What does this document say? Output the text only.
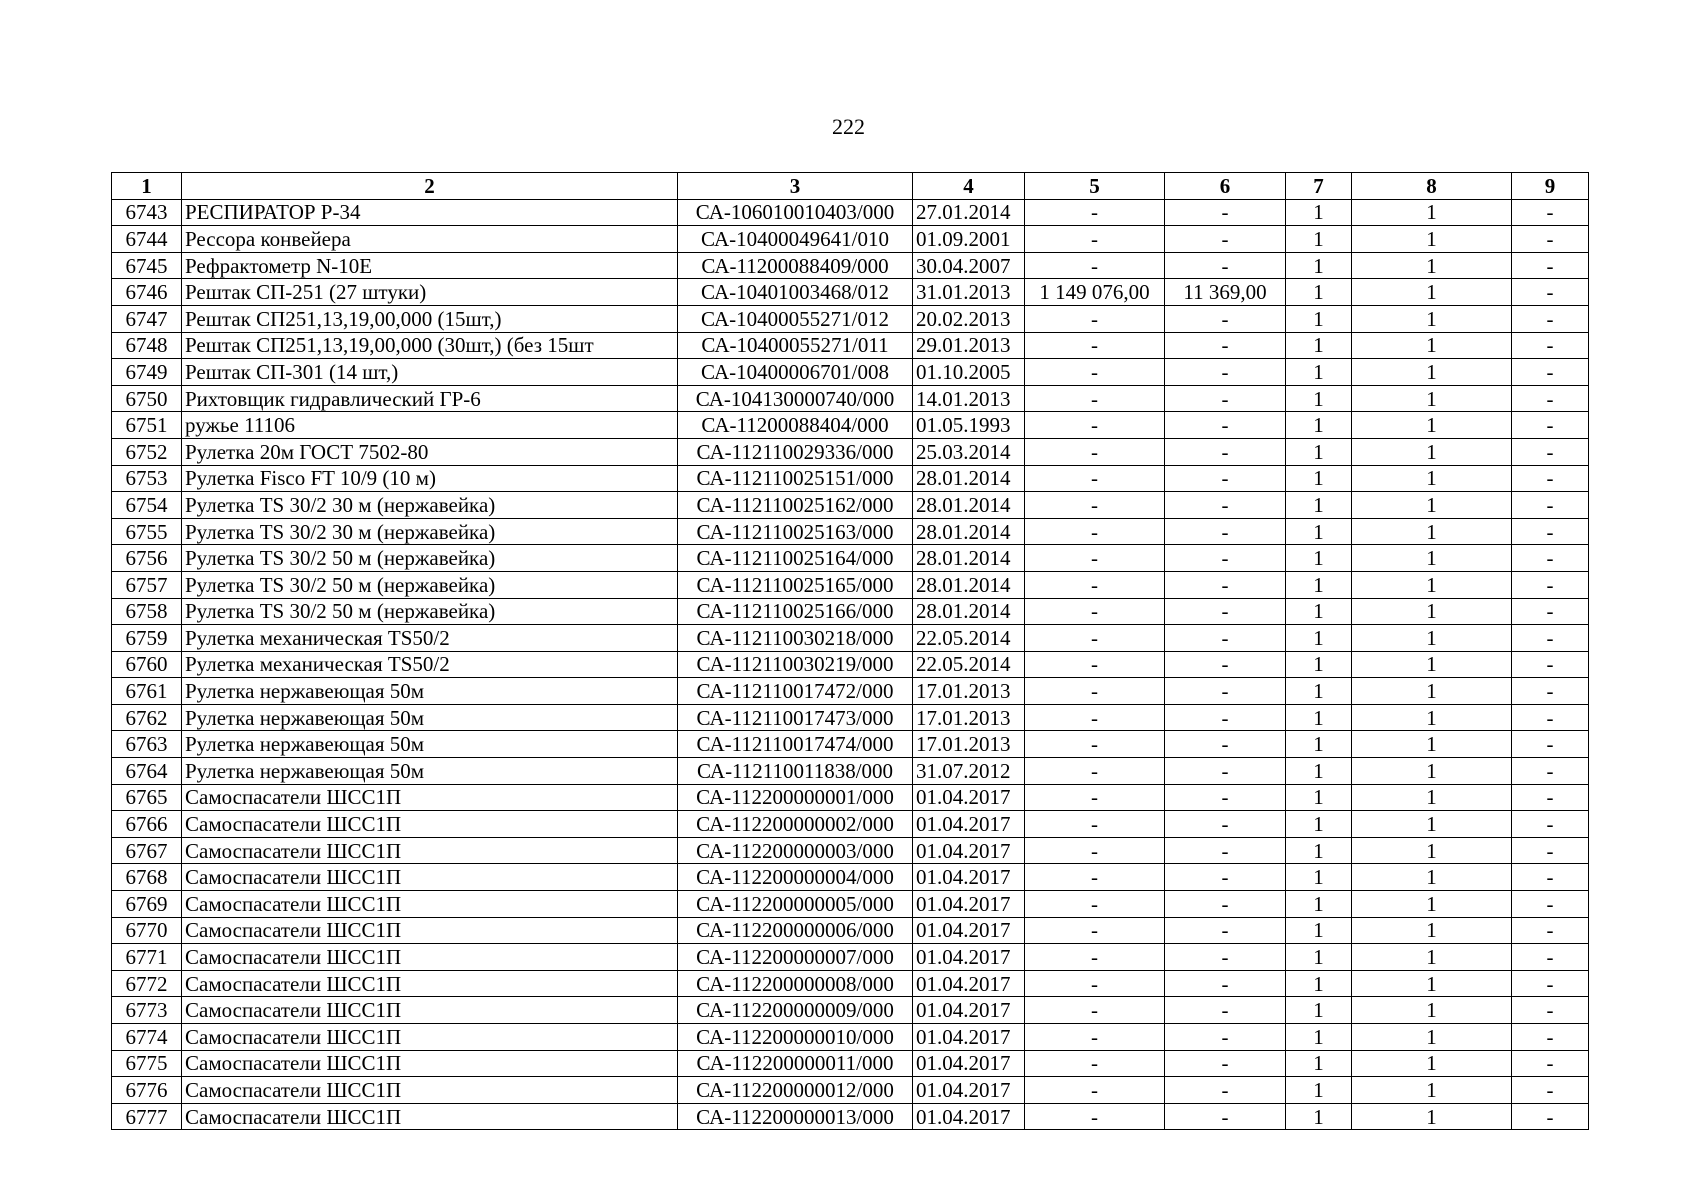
222
1	2	3	4	5	6	7	8	9
6743	РЕСПИРАТОР Р-34	СА-106010010403/000	27.01.2014	-	-	1	1	-
6744	Рессора конвейера	СА-10400049641/010	01.09.2001	-	-	1	1	-
6745	Рефрактометр N-10E	СА-11200088409/000	30.04.2007	-	-	1	1	-
6746	Рештак СП-251 (27 штуки)	СА-10401003468/012	31.01.2013	1 149 076,00	11 369,00	1	1	-
6747	Рештак СП251,13,19,00,000 (15шт,)	СА-10400055271/012	20.02.2013	-	-	1	1	-
6748	Рештак СП251,13,19,00,000 (30шт,) (без 15шт	СА-10400055271/011	29.01.2013	-	-	1	1	-
6749	Рештак СП-301 (14 шт,)	СА-10400006701/008	01.10.2005	-	-	1	1	-
6750	Рихтовщик гидравлический ГР-6	СА-104130000740/000	14.01.2013	-	-	1	1	-
6751	ружье 11106	СА-11200088404/000	01.05.1993	-	-	1	1	-
6752	Рулетка 20м ГОСТ 7502-80	СА-112110029336/000	25.03.2014	-	-	1	1	-
6753	Рулетка Fisco FT 10/9 (10 м)	СА-112110025151/000	28.01.2014	-	-	1	1	-
6754	Рулетка TS 30/2 30 м (нержавейка)	СА-112110025162/000	28.01.2014	-	-	1	1	-
6755	Рулетка TS 30/2 30 м (нержавейка)	СА-112110025163/000	28.01.2014	-	-	1	1	-
6756	Рулетка TS 30/2 50 м (нержавейка)	СА-112110025164/000	28.01.2014	-	-	1	1	-
6757	Рулетка TS 30/2 50 м (нержавейка)	СА-112110025165/000	28.01.2014	-	-	1	1	-
6758	Рулетка TS 30/2 50 м (нержавейка)	СА-112110025166/000	28.01.2014	-	-	1	1	-
6759	Рулетка механическая TS50/2	СА-112110030218/000	22.05.2014	-	-	1	1	-
6760	Рулетка механическая TS50/2	СА-112110030219/000	22.05.2014	-	-	1	1	-
6761	Рулетка нержавеющая 50м	СА-112110017472/000	17.01.2013	-	-	1	1	-
6762	Рулетка нержавеющая 50м	СА-112110017473/000	17.01.2013	-	-	1	1	-
6763	Рулетка нержавеющая 50м	СА-112110017474/000	17.01.2013	-	-	1	1	-
6764	Рулетка нержавеющая 50м	СА-112110011838/000	31.07.2012	-	-	1	1	-
6765	Самоспасатели ШСС1П	СА-112200000001/000	01.04.2017	-	-	1	1	-
6766	Самоспасатели ШСС1П	СА-112200000002/000	01.04.2017	-	-	1	1	-
6767	Самоспасатели ШСС1П	СА-112200000003/000	01.04.2017	-	-	1	1	-
6768	Самоспасатели ШСС1П	СА-112200000004/000	01.04.2017	-	-	1	1	-
6769	Самоспасатели ШСС1П	СА-112200000005/000	01.04.2017	-	-	1	1	-
6770	Самоспасатели ШСС1П	СА-112200000006/000	01.04.2017	-	-	1	1	-
6771	Самоспасатели ШСС1П	СА-112200000007/000	01.04.2017	-	-	1	1	-
6772	Самоспасатели ШСС1П	СА-112200000008/000	01.04.2017	-	-	1	1	-
6773	Самоспасатели ШСС1П	СА-112200000009/000	01.04.2017	-	-	1	1	-
6774	Самоспасатели ШСС1П	СА-112200000010/000	01.04.2017	-	-	1	1	-
6775	Самоспасатели ШСС1П	СА-112200000011/000	01.04.2017	-	-	1	1	-
6776	Самоспасатели ШСС1П	СА-112200000012/000	01.04.2017	-	-	1	1	-
6777	Самоспасатели ШСС1П	СА-112200000013/000	01.04.2017	-	-	1	1	-
